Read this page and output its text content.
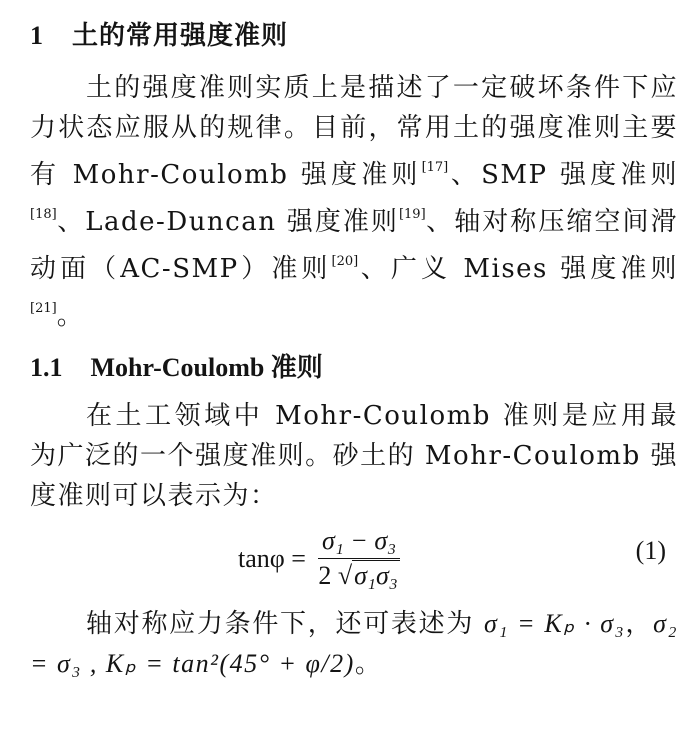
1 土的常用强度准则

土的强度准则实质上是描述了一定破坏条件下应力状态应服从的规律。目前，常用土的强度准则主要有 Mohr-Coulomb 强度准则[17]、SMP 强度准则[18]、Lade-Duncan 强度准则[19]、轴对称压缩空间滑动面（AC-SMP）准则[20]、广义 Mises 强度准则[21]。

1.1 Mohr-Coulomb 准则

在土工领域中 Mohr-Coulomb 准则是应用最为广泛的一个强度准则。砂土的 Mohr-Coulomb 强度准则可以表示为：

$\tan\varphi = \frac{\text{σ₁ − σ₃}}{\text{2 √σ₁σ₃}}$	(1)

轴对称应力条件下，还可表述为 σ₁ = Kₚ · σ₃，σ₂ = σ₃ , Kₚ = tan²(45° + φ/2)。
